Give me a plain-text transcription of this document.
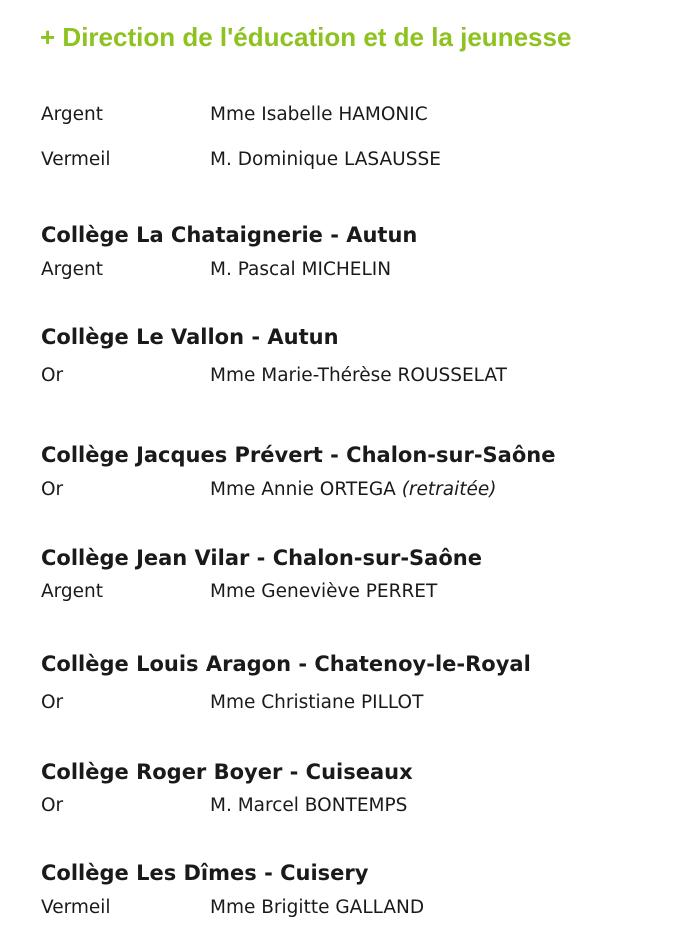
+ Direction de l'éducation et de la jeunesse
Argent	Mme Isabelle HAMONIC
Vermeil	M. Dominique LASAUSSE
Collège La Chataignerie - Autun
Argent	M. Pascal MICHELIN
Collège Le Vallon - Autun
Or	Mme Marie-Thérèse ROUSSELAT
Collège Jacques Prévert - Chalon-sur-Saône
Or	Mme Annie ORTEGA (retraitée)
Collège Jean Vilar - Chalon-sur-Saône
Argent	Mme Geneviève PERRET
Collège Louis Aragon - Chatenoy-le-Royal
Or	Mme Christiane PILLOT
Collège Roger Boyer - Cuiseaux
Or	M. Marcel BONTEMPS
Collège Les Dîmes - Cuisery
Vermeil	Mme Brigitte GALLAND
